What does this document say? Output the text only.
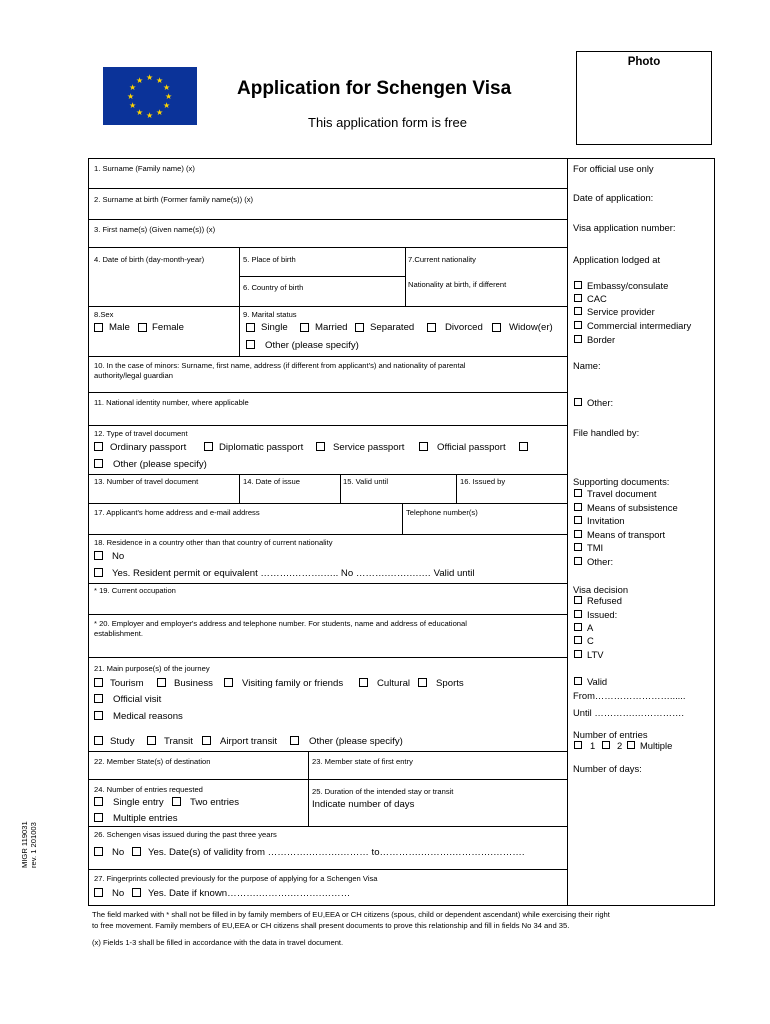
★ ★
★
★
★
★
★
★
★
★
★
★	Application for Schengen Visa
This application form is free
Photo
MIGR 119031 rev. 1 201003
1. Surname (Family name) (x)
2. Surname at birth (Former family name(s)) (x)
3. First name(s) (Given name(s)) (x)
4. Date of birth (day-month-year)	5. Place of birth
6. Country of birth
7.Current nationality
Nationality at birth, if different
8.Sex
Male Female
9. Marital status
Single	Married Separated	Divorced	Widow(er)
Other (please specify)
10. In the case of minors: Surname, first name, address (if different from applicant's) and nationality of parental
authority/legal guardian
11. National identity number, where applicable
12. Type of travel document
Ordinary passport	Diplomatic passport	Service passport	Official passport
Other (please specify)
13. Number of travel document	14. Date of issue	15. Valid until	16. Issued by
17. Applicant's home address and e-mail address	Telephone number(s)
18. Residence in a country other than that country of current nationality
No
Yes. Resident permit or equivalent ……….……….….. No ……….…….….… Valid until
* 19. Current occupation
* 20. Employer and employer's address and telephone number. For students, name and address of educational
establishment.
21. Main purpose(s) of the journey
Tourism	Business	Visiting family or friends	Cultural	Sports
Official visit
Medical reasons
Study	Transit	Airport transit	Other (please specify)
22. Member State(s) of destination	23. Member state of first entry
24. Number of entries requested
Single entry	Two entries
Multiple entries
25. Duration of the intended stay or transit
Indicate number of days
26. Schengen visas issued during the past three years
No Yes. Date(s) of validity from ………….……….……… to………….……….………….……….
27. Fingerprints collected previously for the purpose of applying for a Schengen Visa
No Yes. Date if known……….……….……….………
For official use only
Date of application:
Visa application number:
Application lodged at
Embassy/consulate
CAC
Service provider
Commercial intermediary
Border
Name:
Other:
File handled by:
Supporting documents:
Travel document
Means of subsistence
Invitation
Means of transport
TMI
Other:
Visa decision
Refused
Issued:
A
C
LTV
Valid
From……………………......
Until ………….…………….
Number of entries
1 2 Multiple
Number of days:
The field marked with * shall not be filled in by family members of EU,EEA or CH citizens (spous, child or dependent ascendant) while exercising their right
to free movement. Family members of EU,EEA or CH citizens shall present documents to prove this relationship and fill in fields No 34 and 35.
(x) Fields 1-3 shall be filled in accordance with the data in travel document.
